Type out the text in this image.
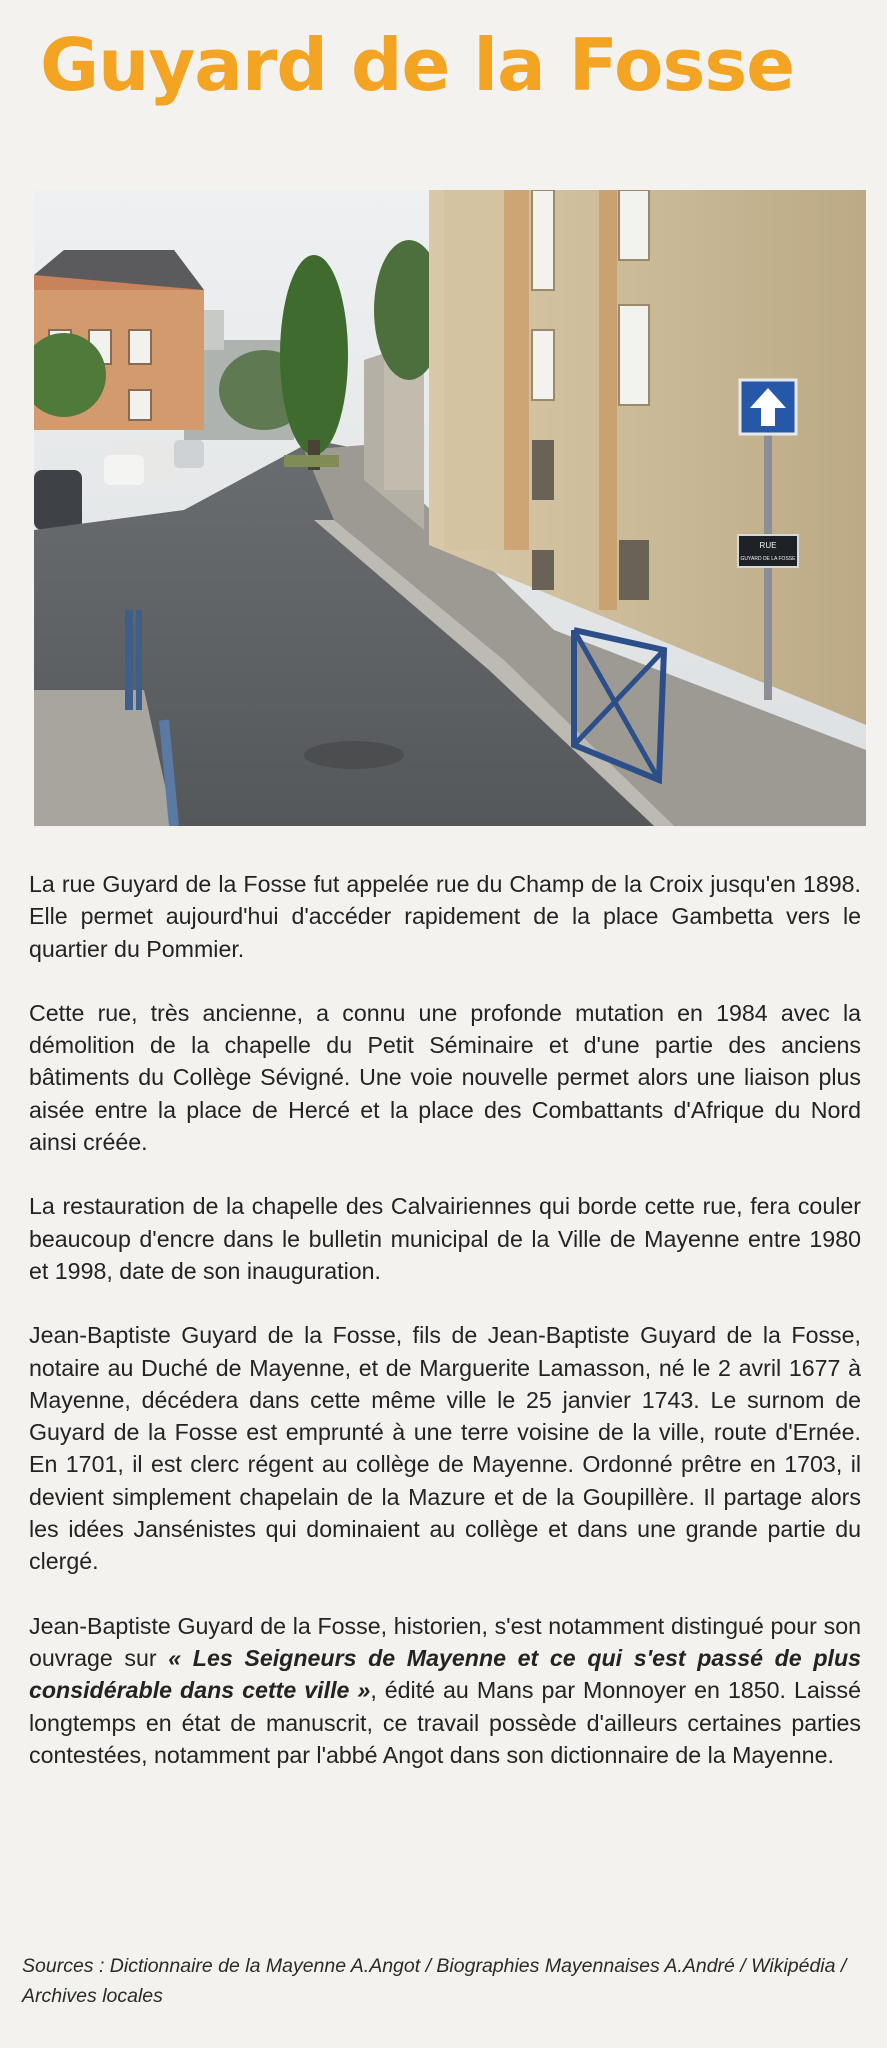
Guyard de la Fosse
RUE
GUYARD DE LA FOSSE

La rue Guyard de la Fosse fut appelée rue du Champ de la Croix jusqu'en 1898. Elle permet aujourd'hui d'accéder rapidement de la place Gambetta vers le quartier du Pommier.

Cette rue, très ancienne, a connu une profonde mutation en 1984 avec la démolition de la chapelle du Petit Séminaire et d'une partie des anciens bâtiments du Collège Sévigné. Une voie nouvelle permet alors une liaison plus aisée entre la place de Hercé et la place des Combattants d'Afrique du Nord ainsi créée.

La restauration de la chapelle des Calvairiennes qui borde cette rue, fera couler beaucoup d'encre dans le bulletin municipal de la Ville de Mayenne entre 1980 et 1998, date de son inauguration.

Jean-Baptiste Guyard de la Fosse, fils de Jean-Baptiste Guyard de la Fosse, notaire au Duché de Mayenne, et de Marguerite Lamasson, né le 2 avril 1677 à Mayenne, décédera dans cette même ville le 25 janvier 1743. Le surnom de Guyard de la Fosse est emprunté à une terre voisine de la ville, route d'Ernée. En 1701, il est clerc régent au collège de Mayenne. Ordonné prêtre en 1703, il devient simplement chapelain de la Mazure et de la Goupillère. Il partage alors les idées Jansénistes qui dominaient au collège et dans une grande partie du clergé.

Jean-Baptiste Guyard de la Fosse, historien, s'est notamment distingué pour son ouvrage sur « Les Seigneurs de Mayenne et ce qui s'est passé de plus considérable dans cette ville », édité au Mans par Monnoyer en 1850. Laissé longtemps en état de manuscrit, ce travail possède d'ailleurs certaines parties contestées, notamment par l'abbé Angot dans son dictionnaire de la Mayenne.

Sources : Dictionnaire de la Mayenne A.Angot / Biographies Mayennaises A.André / Wikipédia / Archives locales
